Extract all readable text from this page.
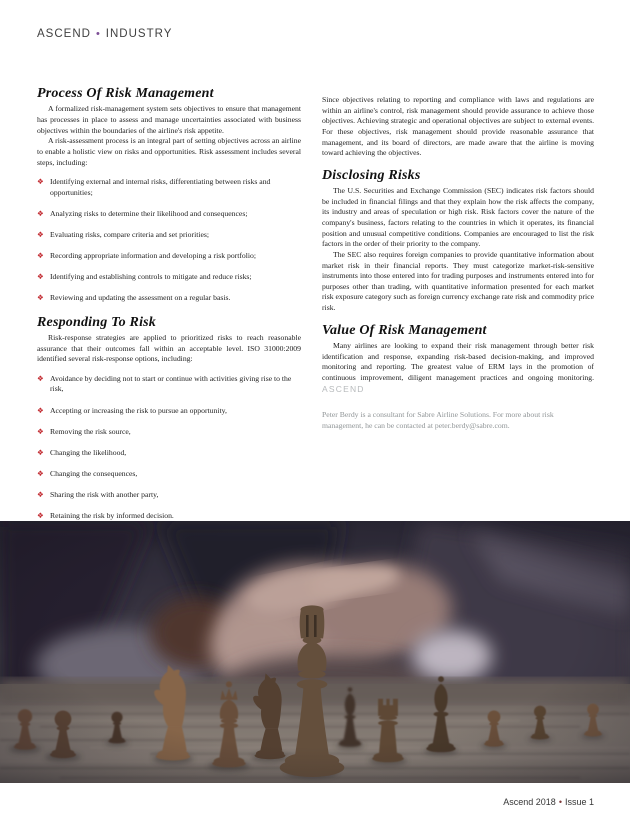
ASCEND • INDUSTRY
Process Of Risk Management

A formalized risk-management system sets objectives to ensure that management has processes in place to assess and manage uncertainties associated with business objectives within the boundaries of the airline's risk appetite.

A risk-assessment process is an integral part of setting objectives across an airline to enable a holistic view on risks and opportunities. Risk assessment includes several steps, including:

❖ Identifying external and internal risks, differentiating between risks and opportunities;
❖ Analyzing risks to determine their likelihood and consequences;
❖ Evaluating risks, compare criteria and set priorities;
❖ Recording appropriate information and developing a risk portfolio;
❖ Identifying and establishing controls to mitigate and reduce risks;
❖ Reviewing and updating the assessment on a regular basis.
Responding To Risk

Risk-response strategies are applied to prioritized risks to reach reasonable assurance that their outcomes fall within an acceptable level. ISO 31000:2009 identified several risk-response options, including:

❖ Avoidance by deciding not to start or continue with activities giving rise to the risk,
❖ Accepting or increasing the risk to pursue an opportunity,
❖ Removing the risk source,
❖ Changing the likelihood,
❖ Changing the consequences,
❖ Sharing the risk with another party,
❖ Retaining the risk by informed decision.

Since objectives relating to reporting and compliance with laws and regulations are within an airline's control, risk management should provide assurance to achieve those objectives. Achieving strategic and operational objectives are subject to external events. For these objectives, risk management should provide reasonable assurance that management, and its board of directors, are made aware that the airline is moving toward achieving the objectives.

Disclosing Risks

The U.S. Securities and Exchange Commission (SEC) indicates risk factors should be included in financial filings and that they explain how the risk affects the company, its industry and areas of speculation or high risk. Risk factors cover the nature of the company's business, factors relating to the countries in which it operates, its financial position and unusual competitive conditions. Companies are encouraged to list the risk factors in the order of their priority to the company.

The SEC also requires foreign companies to provide quantitative information about market risk in their financial reports. They must categorize market-risk-sensitive instruments into those entered into for trading purposes and instruments entered into for purposes other than trading, with quantitative information presented for each market risk exposure category such as foreign currency exchange rate risk and commodity price risk.

Value Of Risk Management

Many airlines are looking to expand their risk management through better risk identification and response, expanding risk-based decision-making, and improved monitoring and reporting. The greatest value of ERM lays in the promotion of continuous improvement, diligent management practices and ongoing monitoring. ASCEND

Peter Berdy is a consultant for Sabre Airline Solutions. For more about risk management, he can be contacted at peter.berdy@sabre.com.

Ascend 2018 • Issue 1
